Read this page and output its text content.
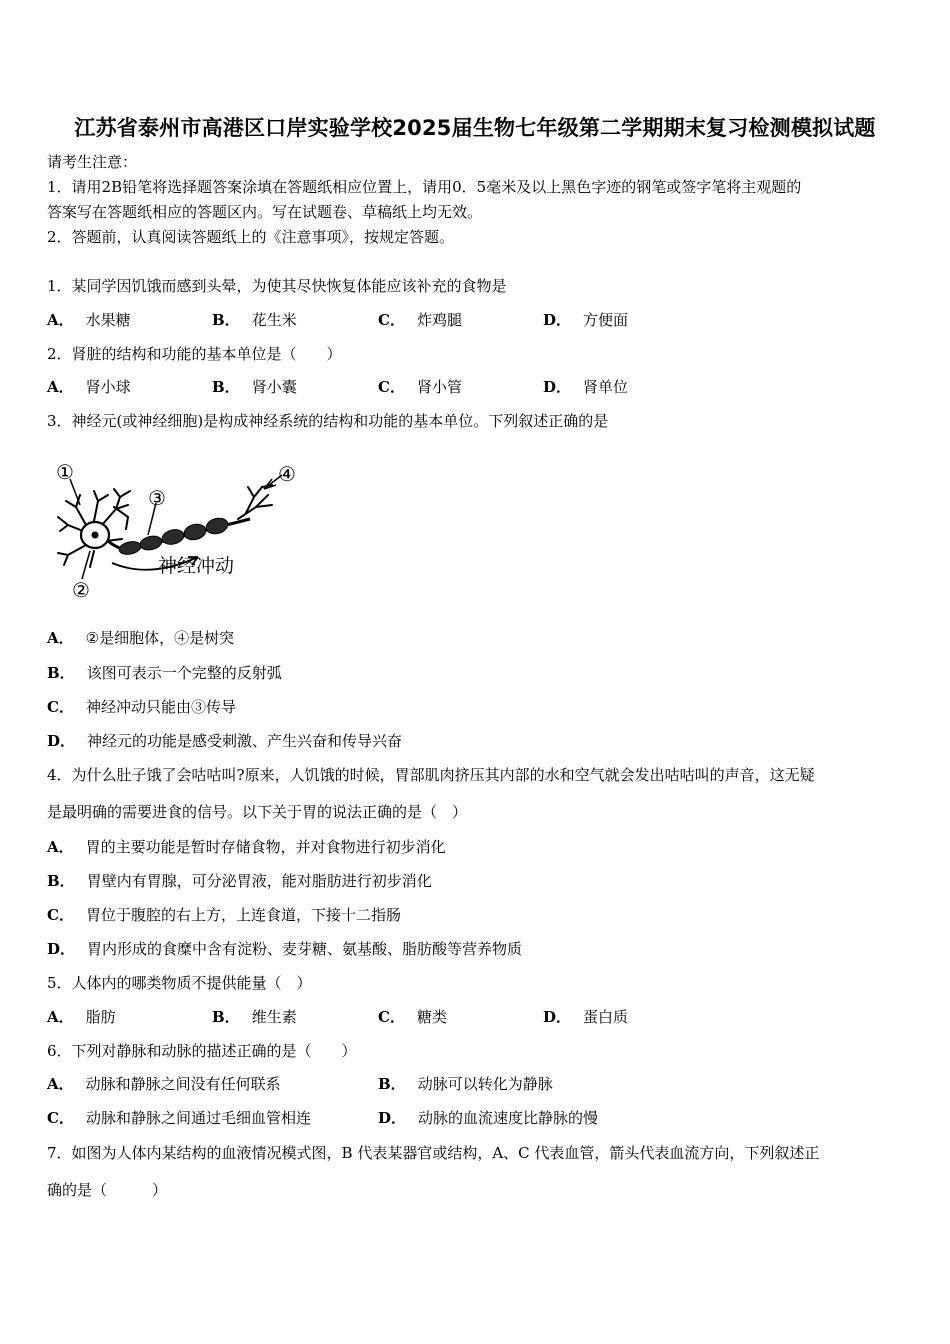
江苏省泰州市高港区口岸实验学校2025届生物七年级第二学期期末复习检测模拟试题
请考生注意：
1．请用2B铅笔将选择题答案涂填在答题纸相应位置上，请用0．5毫米及以上黑色字迹的钢笔或签字笔将主观题的
答案写在答题纸相应的答题区内。写在试题卷、草稿纸上均无效。
2．答题前，认真阅读答题纸上的《注意事项》，按规定答题。
1．某同学因饥饿而感到头晕，为使其尽快恢复体能应该补充的食物是
A． 水果糖	B． 花生米	C． 炸鸡腿	D． 方便面
2．肾脏的结构和功能的基本单位是（　　）
A． 肾小球	B． 肾小囊	C． 肾小管	D． 肾单位
3．神经元(或神经细胞)是构成神经系统的结构和功能的基本单位。下列叙述正确的是
①
②
③
④
神经冲动
A． ②是细胞体，④是树突
B． 该图可表示一个完整的反射弧
C． 神经冲动只能由③传导
D． 神经元的功能是感受刺激、产生兴奋和传导兴奋
4．为什么肚子饿了会咕咕叫?原来，人饥饿的时候，胃部肌肉挤压其内部的水和空气就会发出咕咕叫的声音，这无疑
是最明确的需要进食的信号。以下关于胃的说法正确的是（　）
A． 胃的主要功能是暂时存储食物，并对食物进行初步消化
B． 胃壁内有胃腺，可分泌胃液，能对脂肪进行初步消化
C． 胃位于腹腔的右上方，上连食道，下接十二指肠
D． 胃内形成的食糜中含有淀粉、麦芽糖、氨基酸、脂肪酸等营养物质
5．人体内的哪类物质不提供能量（　）
A． 脂肪	B． 维生素	C． 糖类	D． 蛋白质
6．下列对静脉和动脉的描述正确的是（　　）
A． 动脉和静脉之间没有任何联系	B． 动脉可以转化为静脉
C． 动脉和静脉之间通过毛细血管相连	D． 动脉的血流速度比静脉的慢
7．如图为人体内某结构的血液情况模式图，B 代表某器官或结构，A、C 代表血管，箭头代表血流方向，下列叙述正
确的是（　　　）
